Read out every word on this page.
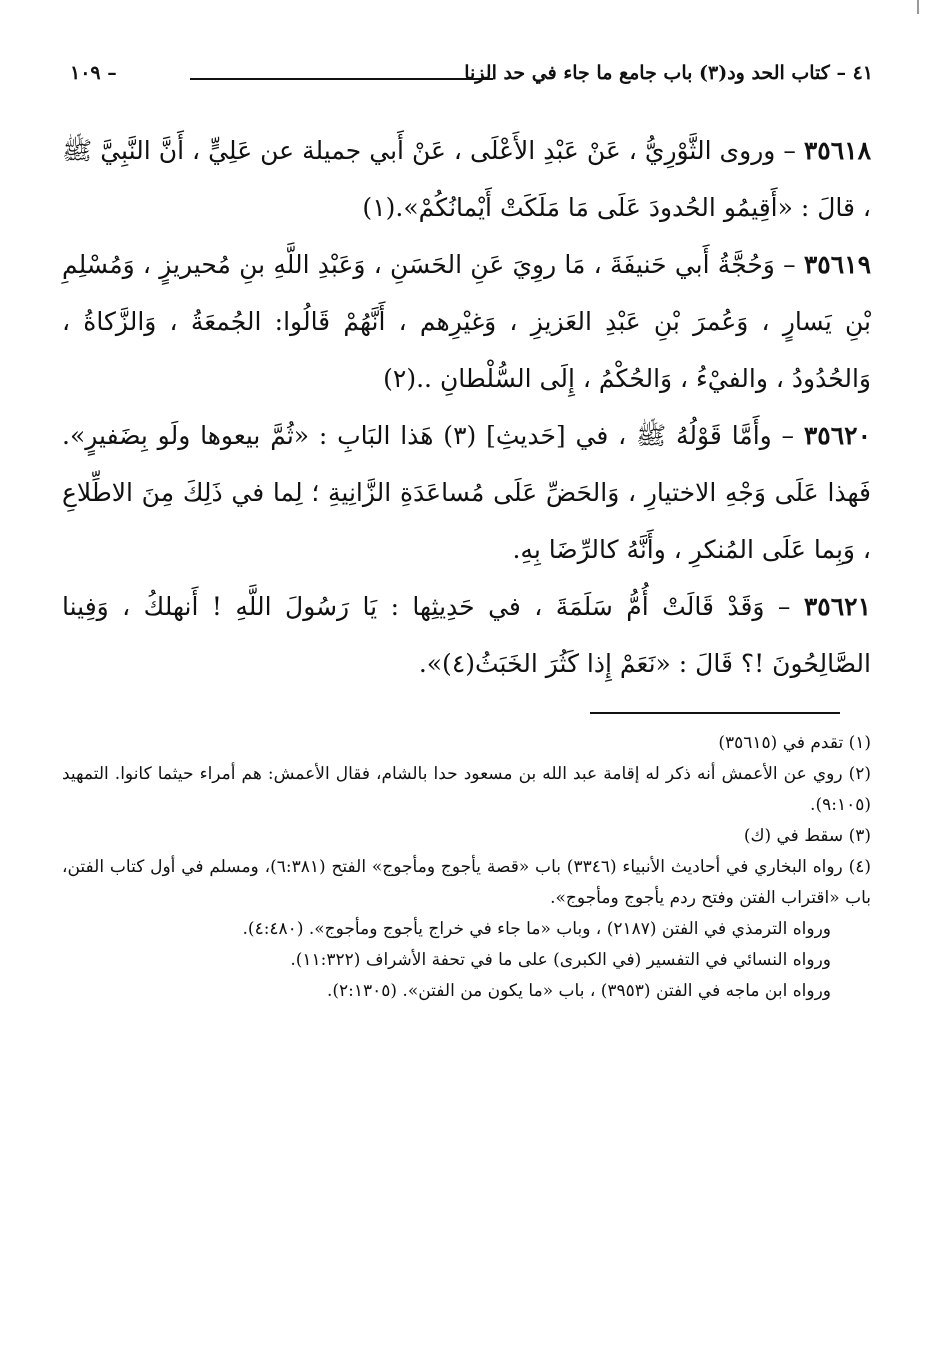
٤١ – كتاب الحد ود(٣) باب جامع ما جاء في حد الزنا
– ١٠٩

٣٥٦١٨ – وروى الثَّوْرِيُّ ، عَنْ عَبْدِ الأَعْلَى ، عَنْ أَبي جميلة عن عَلِيٍّ ، أَنَّ النَّبِيَّ ﷺ ، قالَ : «أَقِيمُو الحُدودَ عَلَى مَا مَلَكَتْ أَيْمانُكُمْ».(١)

٣٥٦١٩ – وَحُجَّةُ أَبي حَنيفَةَ ، مَا روِيَ عَنِ الحَسَنِ ، وَعَبْدِ اللَّهِ بنِ مُحيريزٍ ، وَمُسْلِمِ بْنِ يَسارٍ ، وَعُمرَ بْنِ عَبْدِ العَزيزِ ، وَغيْرِهم ، أَنَّهُمْ قَالُوا: الجُمعَةُ ، وَالزَّكاةُ ، وَالحُدُودُ ، والفيْءُ ، وَالحُكْمُ ، إِلَى السُّلْطانِ ..(٢)

٣٥٦٢٠ – وأَمَّا قَوْلُهُ ﷺ ، في [حَديثِ] (٣) هَذا البَابِ : «ثُمَّ بيعوها ولَو بِضَفيرٍ». فَهذا عَلَى وَجْهِ الاختيارِ ، وَالحَضِّ عَلَى مُساعَدَةِ الزَّانِيةِ ؛ لِما في ذَلِكَ مِنَ الاطِّلاعِ ، وَبِما عَلَى المُنكرِ ، وأَنَّهُ كالرِّضَا بِهِ.

٣٥٦٢١ – وَقَدْ قَالَتْ أُمُّ سَلَمَةَ ، في حَدِيثِها : يَا رَسُولَ اللَّهِ ! أَنهلكُ ، وَفِينا الصَّالِحُونَ !؟ قَالَ : «نَعَمْ إِذا كَثُرَ الخَبَثُ(٤)».

(١) تقدم في (٣٥٦١٥)

(٢) روي عن الأعمش أنه ذكر له إقامة عبد الله بن مسعود حدا بالشام، فقال الأعمش: هم أمراء حيثما كانوا. التمهيد (٩:١٠٥).

(٣) سقط في (ك)

(٤) رواه البخاري في أحاديث الأنبياء (٣٣٤٦) باب «قصة يأجوج ومأجوج» الفتح (٦:٣٨١)، ومسلم في أول كتاب الفتن، باب «اقتراب الفتن وفتح ردم يأجوج ومأجوج».

ورواه الترمذي في الفتن (٢١٨٧) ، وباب «ما جاء في خراج يأجوج ومأجوج». (٤:٤٨٠).

ورواه النسائي في التفسير (في الكبرى) على ما في تحفة الأشراف (١١:٣٢٢).

ورواه ابن ماجه في الفتن (٣٩٥٣) ، باب «ما يكون من الفتن». (٢:١٣٠٥).
